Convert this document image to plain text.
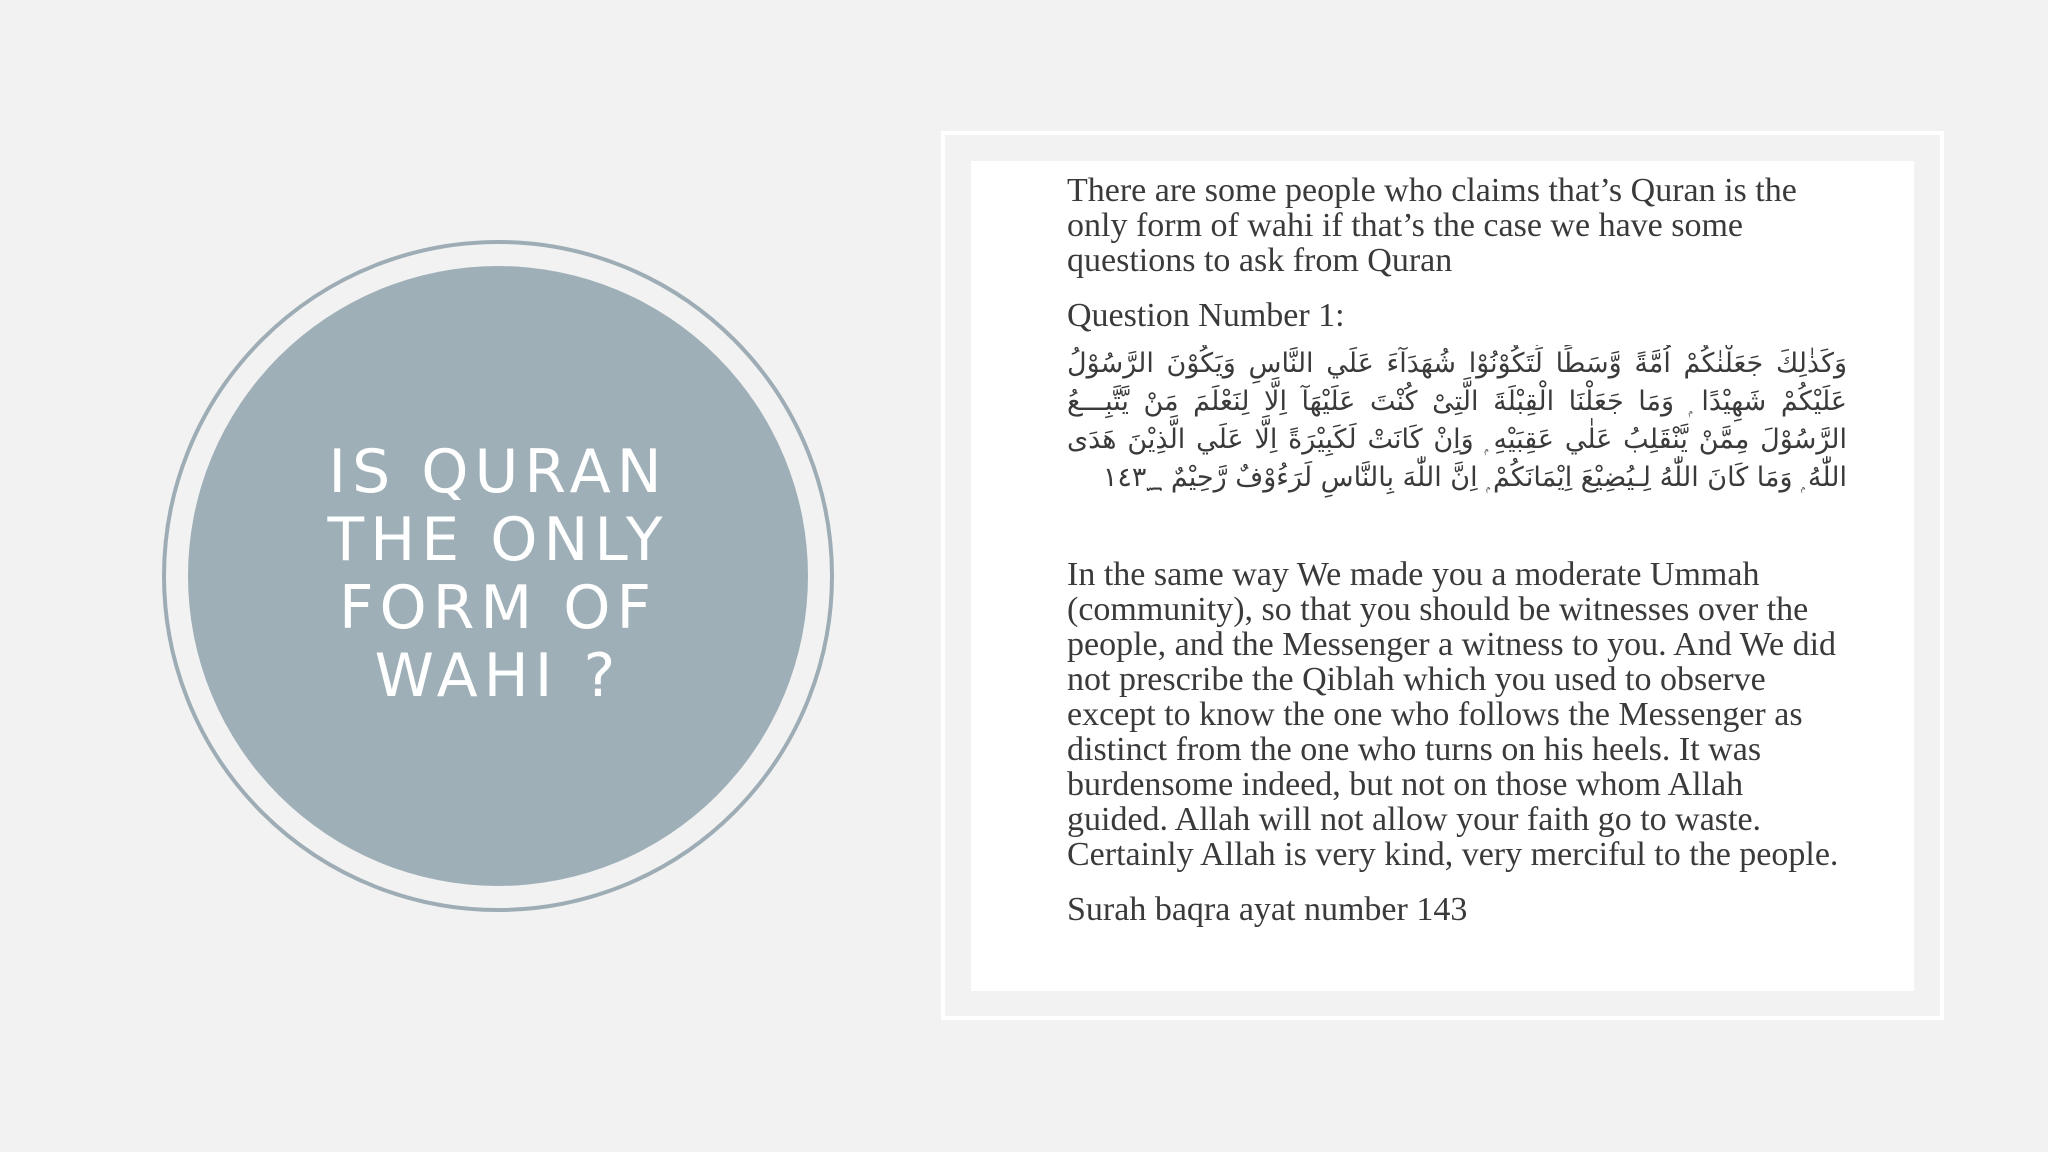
IS QURAN
THE ONLY
FORM OF
WAHI ?

There are some people who claims that’s Quran is the only form of wahi if that’s the case we have some questions to ask from Quran

Question Number 1:

وَكَذٰلِكَ جَعَلْنٰكُمْ اُمَّةً وَّسَطًا لِّتَكُوْنُوْا شُهَدَآءَ عَلَي النَّاسِ وَيَكُوْنَ الرَّسُوْلُ عَلَيْكُمْ شَهِيْدًا ۭ وَمَا جَعَلْنَا الْقِبْلَةَ الَّتِىْ كُنْتَ عَلَيْهَآ اِلَّا لِنَعْلَمَ مَنْ يَّتَّبِـــعُ الرَّسُوْلَ مِمَّنْ يَّنْقَلِبُ عَلٰي عَقِبَيْهِ ۭ وَاِنْ كَانَتْ لَكَبِيْرَةً اِلَّا عَلَي الَّذِيْنَ ھَدَى اللّٰهُ ۭ وَمَا كَانَ اللّٰهُ لِـيُضِيْعَ اِيْمَانَكُمْ ۭ اِنَّ اللّٰهَ بِالنَّاسِ لَرَءُوْفٌ رَّحِيْمٌ ١٤٣؁

In the same way We made you a moderate Ummah (community), so that you should be witnesses over the people, and the Messenger a witness to you. And We did not prescribe the Qiblah which you used to observe except to know the one who follows the Messenger as distinct from the one who turns on his heels. It was burdensome indeed, but not on those whom Allah guided. Allah will not allow your faith go to waste. Certainly Allah is very kind, very merciful to the people.

Surah baqra ayat number 143
